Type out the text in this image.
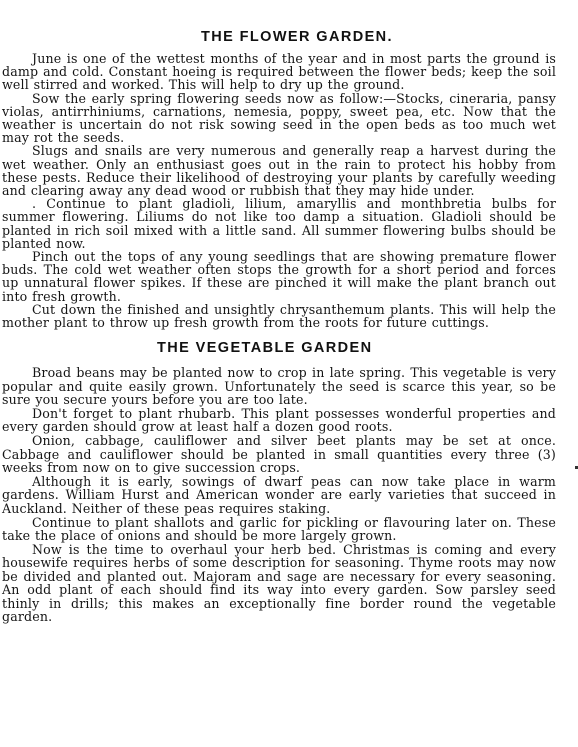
THE FLOWER GARDEN.

June is one of the wettest months of the year and in most parts the ground is damp and cold. Constant hoeing is required between the flower beds; keep the soil well stirred and worked. This will help to dry up the ground.

Sow the early spring flowering seeds now as follow:—Stocks, cineraria, pansy violas, antirrhiniums, carnations, nemesia, poppy, sweet pea, etc. Now that the weather is uncertain do not risk sowing seed in the open beds as too much wet may rot the seeds.

Slugs and snails are very numerous and generally reap a harvest during the wet weather. Only an enthusiast goes out in the rain to protect his hobby from these pests. Reduce their likelihood of destroying your plants by carefully weeding and clearing away any dead wood or rubbish that they may hide under.

. Continue to plant gladioli, lilium, amaryllis and monthbretia bulbs for summer flowering. Liliums do not like too damp a situation. Gladioli should be planted in rich soil mixed with a little sand. All summer flowering bulbs should be planted now.

Pinch out the tops of any young seedlings that are showing premature flower buds. The cold wet weather often stops the growth for a short period and forces up unnatural flower spikes. If these are pinched it will make the plant branch out into fresh growth.

Cut down the finished and unsightly chrysanthemum plants. This will help the mother plant to throw up fresh growth from the roots for future cuttings.

THE VEGETABLE GARDEN

Broad beans may be planted now to crop in late spring. This vegetable is very popular and quite easily grown. Unfortunately the seed is scarce this year, so be sure you secure yours before you are too late.

Don't forget to plant rhubarb. This plant possesses wonderful properties and every garden should grow at least half a dozen good roots.

Onion, cabbage, cauliflower and silver beet plants may be set at once. Cabbage and cauliflower should be planted in small quantities every three (3) weeks from now on to give succession crops.

Although it is early, sowings of dwarf peas can now take place in warm gardens. William Hurst and American wonder are early varieties that succeed in Auckland. Neither of these peas requires staking.

Continue to plant shallots and garlic for pickling or flavouring later on. These take the place of onions and should be more largely grown.

Now is the time to overhaul your herb bed. Christmas is coming and every housewife requires herbs of some description for seasoning. Thyme roots may now be divided and planted out. Majoram and sage are necessary for every seasoning. An odd plant of each should find its way into every garden. Sow parsley seed thinly in drills; this makes an exceptionally fine border round the vegetable garden.
